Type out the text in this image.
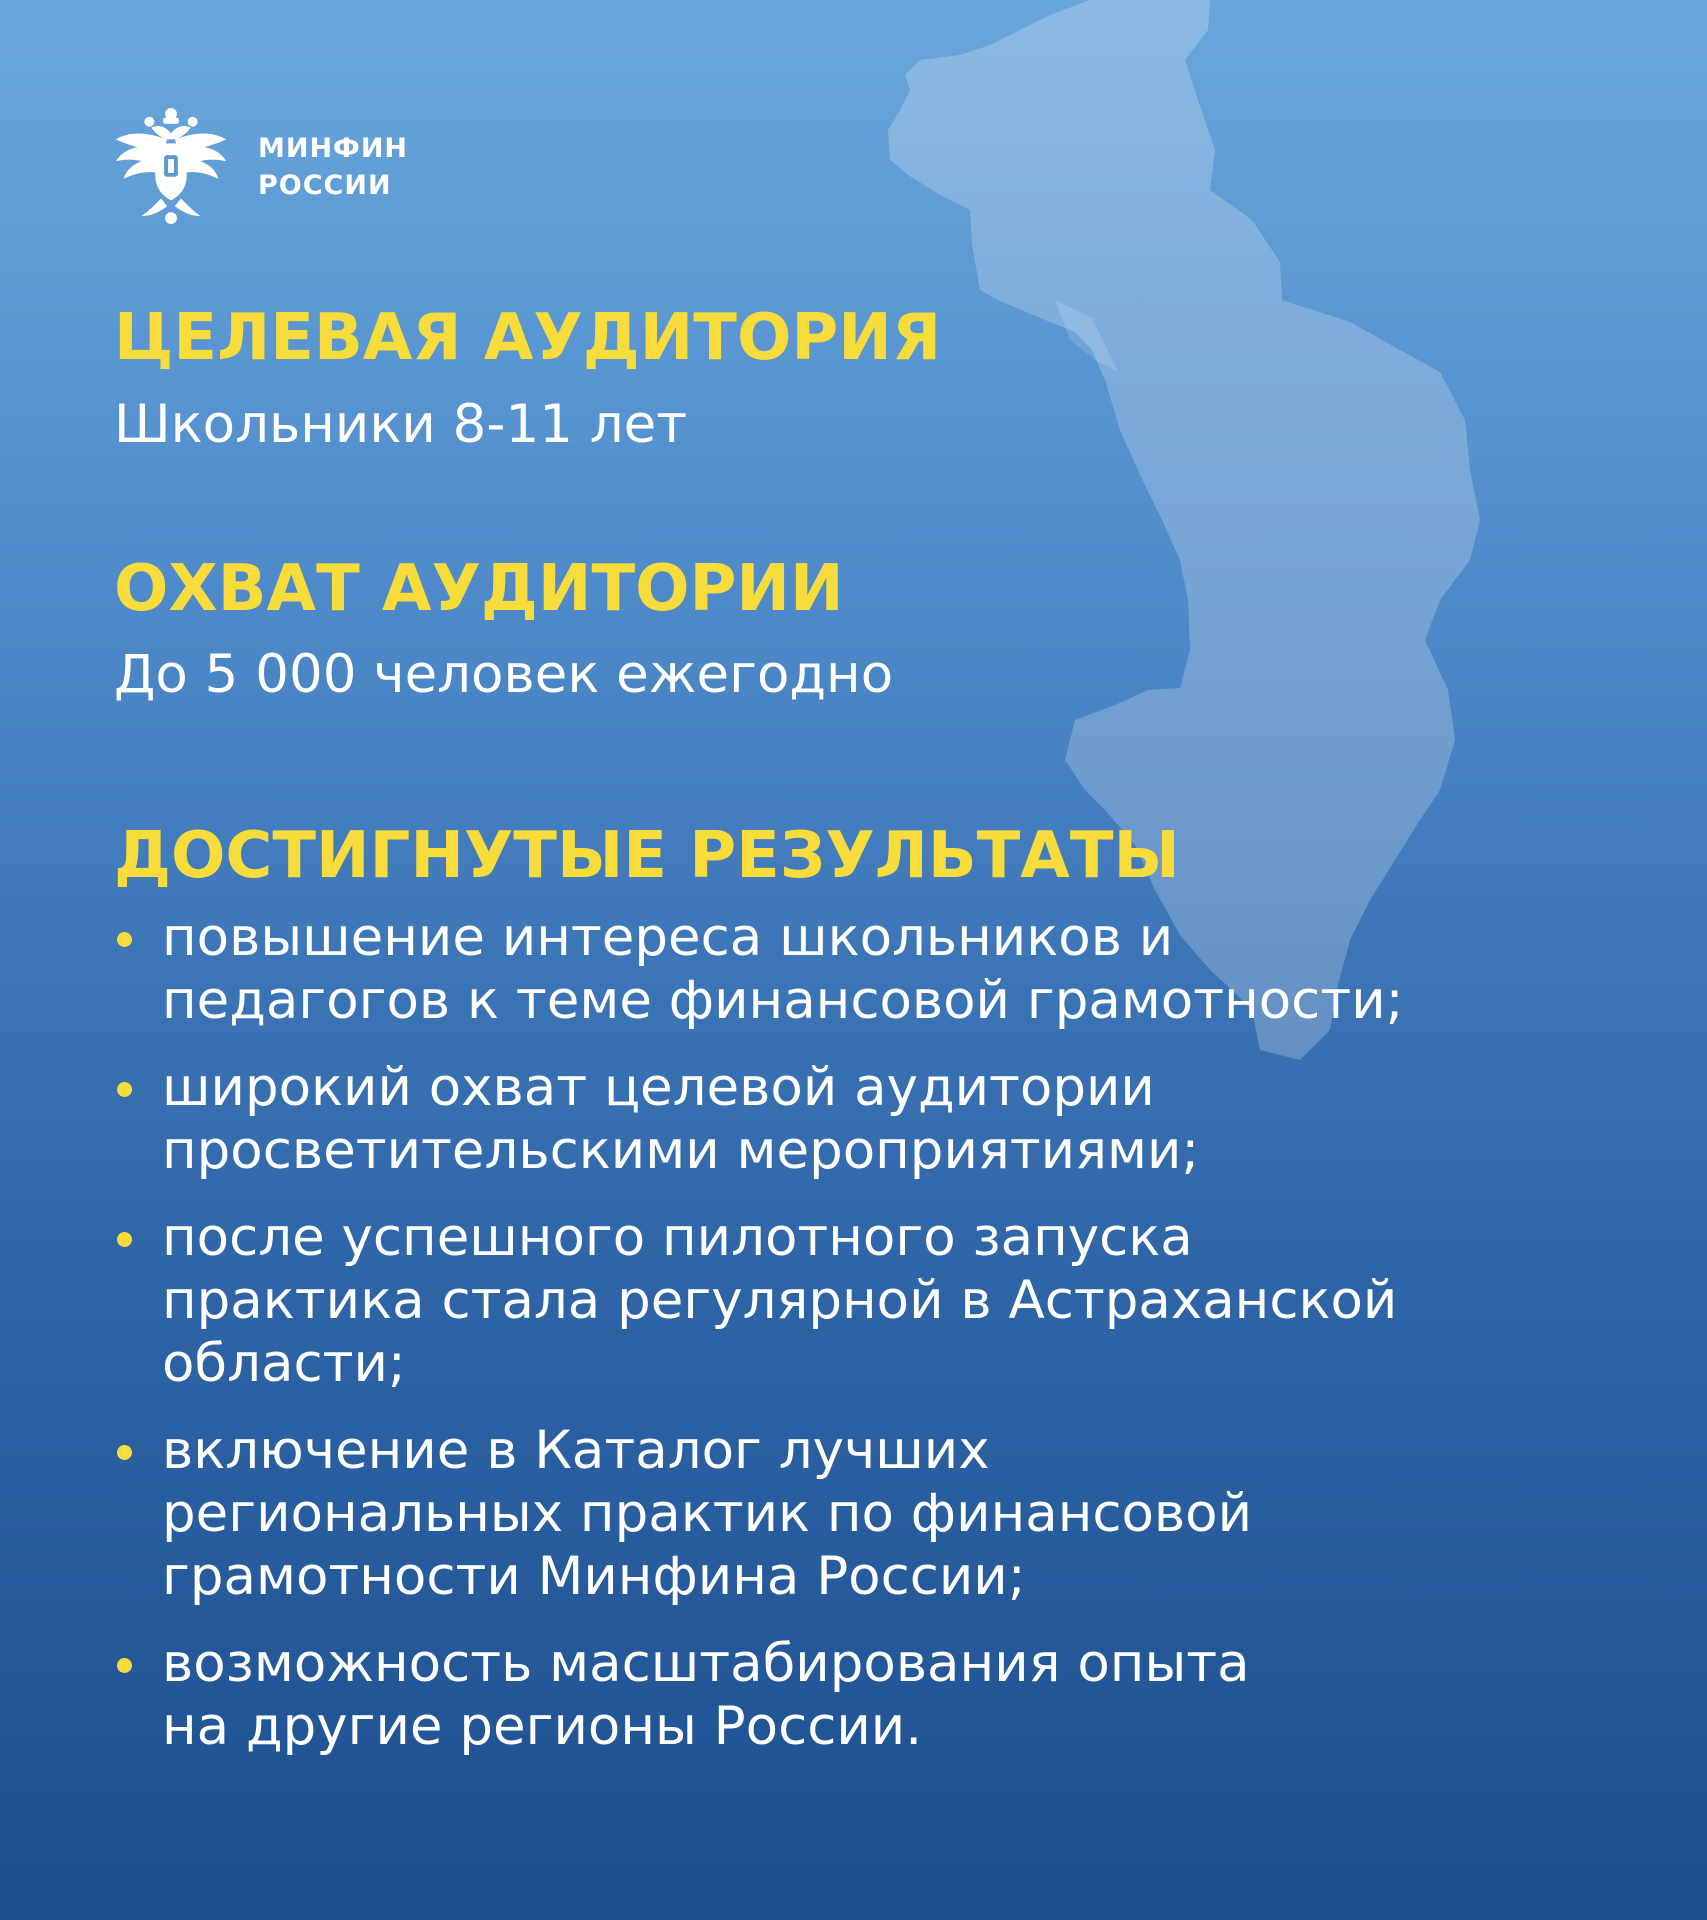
МИНФИН
РОССИИ
ЦЕЛЕВАЯ АУДИТОРИЯ

Школьники 8-11 лет

ОХВАТ АУДИТОРИИ

До 5 000 человек ежегодно

ДОСТИГНУТЫЕ РЕЗУЛЬТАТЫ
повышение интереса школьников и
педагогов к теме финансовой грамотности;
широкий охват целевой аудитории
просветительскими мероприятиями;
после успешного пилотного запуска
практика стала регулярной в Астраханской
области;
включение в Каталог лучших
региональных практик по финансовой
грамотности Минфина России;
возможность масштабирования опыта
на другие регионы России.
